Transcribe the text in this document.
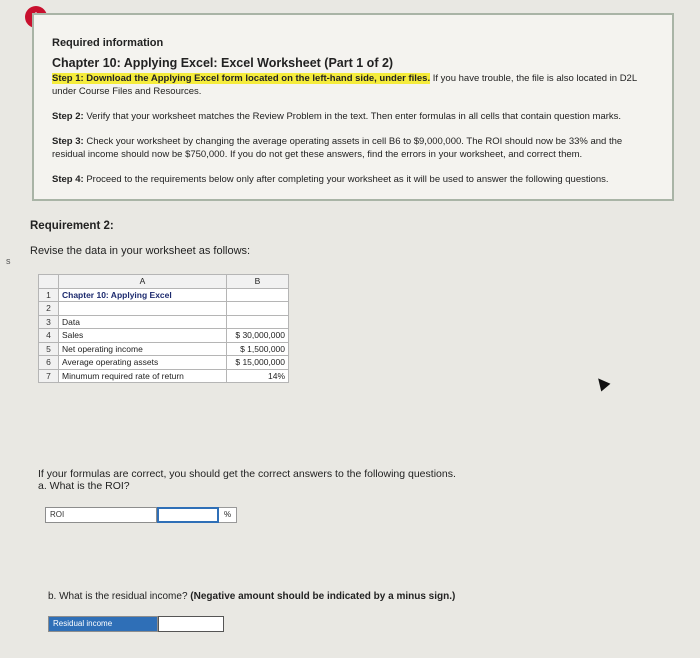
Required information
Chapter 10: Applying Excel: Excel Worksheet (Part 1 of 2)
Step 1: Download the Applying Excel form located on the left-hand side, under files. If you have trouble, the file is also located in D2L under Course Files and Resources.
Step 2: Verify that your worksheet matches the Review Problem in the text. Then enter formulas in all cells that contain question marks.
Step 3: Check your worksheet by changing the average operating assets in cell B6 to $9,000,000. The ROI should now be 33% and the residual income should now be $750,000. If you do not get these answers, find the errors in your worksheet, and correct them.
Step 4: Proceed to the requirements below only after completing your worksheet as it will be used to answer the following questions.
s
Requirement 2:
Revise the data in your worksheet as follows:
	A	B
1	Chapter 10: Applying Excel	
2		
3	Data	
4	Sales	$ 30,000,000
5	Net operating income	$ 1,500,000
6	Average operating assets	$ 15,000,000
7	Minumum required rate of return	14%
If your formulas are correct, you should get the correct answers to the following questions.
a. What is the ROI?
ROI	%
b. What is the residual income? (Negative amount should be indicated by a minus sign.)
Residual income
